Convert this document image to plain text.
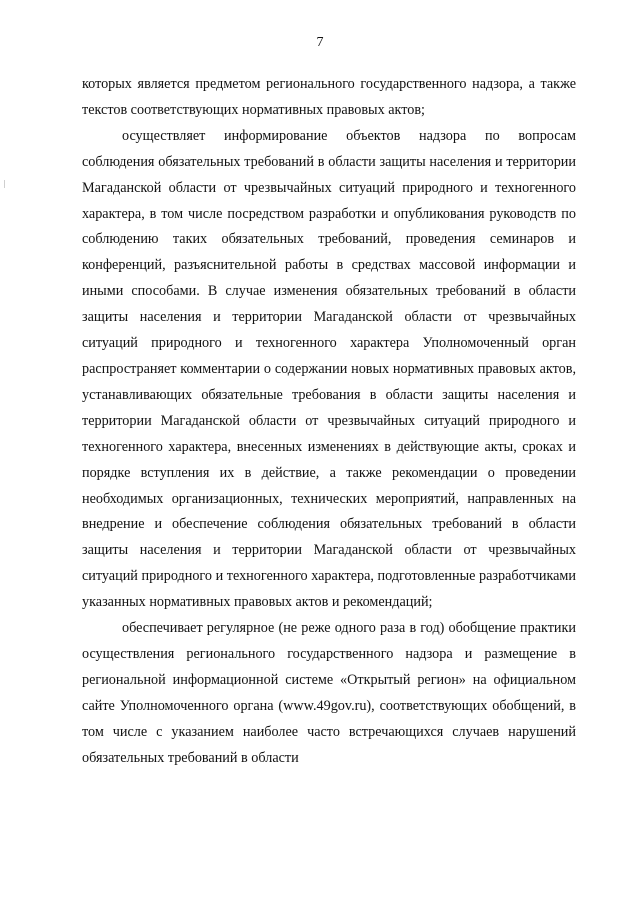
7

которых является предметом регионального государственного надзора, а также текстов соответствующих нормативных правовых актов;

осуществляет информирование объектов надзора по вопросам соблюдения обязательных требований в области защиты населения и территории Магаданской области от чрезвычайных ситуаций природного и техногенного характера, в том числе посредством разработки и опубликования руководств по соблюдению таких обязательных требований, проведения семинаров и конференций, разъяснительной работы в средствах массовой информации и иными способами. В случае изменения обязательных требований в области защиты населения и территории Магаданской области от чрезвычайных ситуаций природного и техногенного характера Уполномоченный орган распространяет комментарии о содержании новых нормативных правовых актов, устанавливающих обязательные требования в области защиты населения и территории Магаданской области от чрезвычайных ситуаций природного и техногенного характера, внесенных изменениях в действующие акты, сроках и порядке вступления их в действие, а также рекомендации о проведении необходимых организационных, технических мероприятий, направленных на внедрение и обеспечение соблюдения обязательных требований в области защиты населения и территории Магаданской области от чрезвычайных ситуаций природного и техногенного характера, подготовленные разработчиками указанных нормативных правовых актов и рекомендаций;

обеспечивает регулярное (не реже одного раза в год) обобщение практики осуществления регионального государственного надзора и размещение в региональной информационной системе «Открытый регион» на официальном сайте Уполномоченного органа (www.49gov.ru), соответствующих обобщений, в том числе с указанием наиболее часто встречающихся случаев нарушений обязательных требований в области
